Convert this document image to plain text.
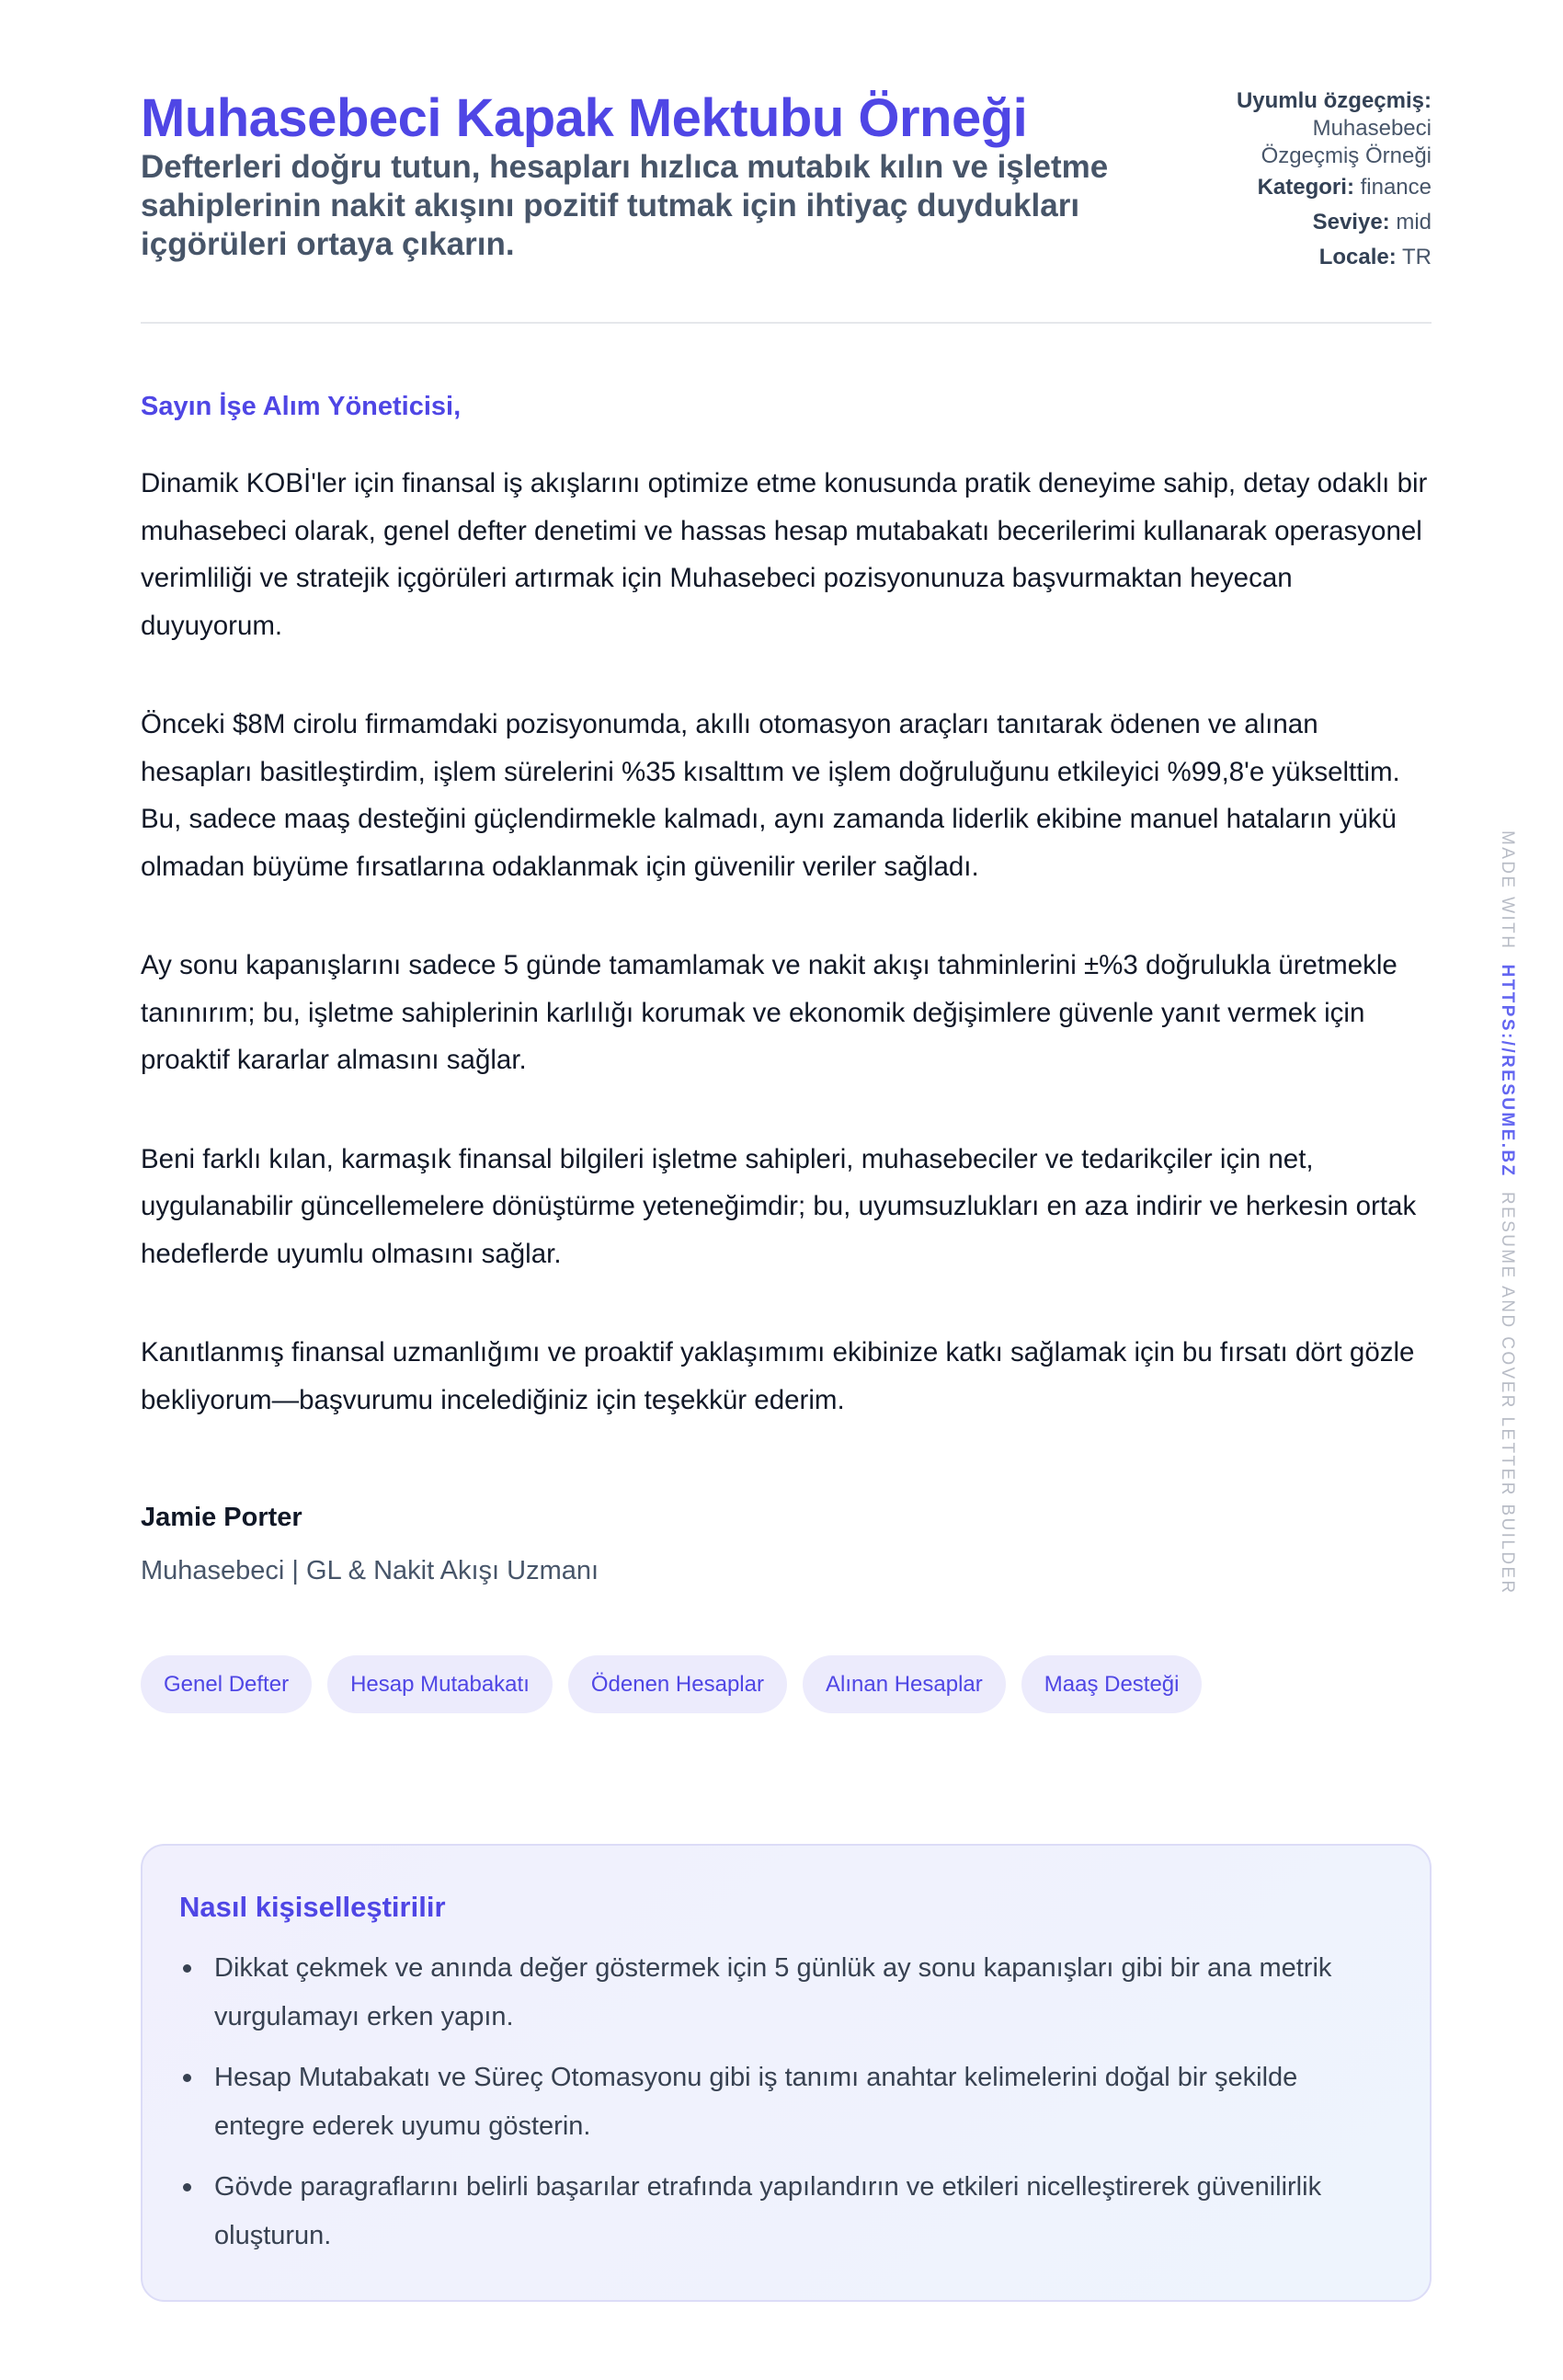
Muhasebeci Kapak Mektubu Örneği

Defterleri doğru tutun, hesapları hızlıca mutabık kılın ve işletme sahiplerinin nakit akışını pozitif tutmak için ihtiyaç duydukları içgörüleri ortaya çıkarın.

Uyumlu özgeçmiş:
Muhasebeci
Özgeçmiş Örneği
Kategori: finance
Seviye: mid
Locale: TR

Sayın İşe Alım Yöneticisi,

Dinamik KOBİ'ler için finansal iş akışlarını optimize etme konusunda pratik deneyime sahip, detay odaklı bir muhasebeci olarak, genel defter denetimi ve hassas hesap mutabakatı becerilerimi kullanarak operasyonel verimliliği ve stratejik içgörüleri artırmak için Muhasebeci pozisyonunuza başvurmaktan heyecan duyuyorum.

Önceki $8M cirolu firmamdaki pozisyonumda, akıllı otomasyon araçları tanıtarak ödenen ve alınan hesapları basitleştirdim, işlem sürelerini %35 kısalttım ve işlem doğruluğunu etkileyici %99,8'e yükselttim. Bu, sadece maaş desteğini güçlendirmekle kalmadı, aynı zamanda liderlik ekibine manuel hataların yükü olmadan büyüme fırsatlarına odaklanmak için güvenilir veriler sağladı.

Ay sonu kapanışlarını sadece 5 günde tamamlamak ve nakit akışı tahminlerini ±%3 doğrulukla üretmekle tanınırım; bu, işletme sahiplerinin karlılığı korumak ve ekonomik değişimlere güvenle yanıt vermek için proaktif kararlar almasını sağlar.

Beni farklı kılan, karmaşık finansal bilgileri işletme sahipleri, muhasebeciler ve tedarikçiler için net, uygulanabilir güncellemelere dönüştürme yeteneğimdir; bu, uyumsuzlukları en aza indirir ve herkesin ortak hedeflerde uyumlu olmasını sağlar.

Kanıtlanmış finansal uzmanlığımı ve proaktif yaklaşımımı ekibinize katkı sağlamak için bu fırsatı dört gözle bekliyorum—başvurumu incelediğiniz için teşekkür ederim.

Jamie Porter

Muhasebeci | GL & Nakit Akışı Uzmanı

Genel Defter	Hesap Mutabakatı	Ödenen Hesaplar	Alınan Hesaplar	Maaş Desteği
Nasıl kişiselleştirilir
Dikkat çekmek ve anında değer göstermek için 5 günlük ay sonu kapanışları gibi bir ana metrik vurgulamayı erken yapın.
Hesap Mutabakatı ve Süreç Otomasyonu gibi iş tanımı anahtar kelimelerini doğal bir şekilde entegre ederek uyumu gösterin.
Gövde paragraflarını belirli başarılar etrafında yapılandırın ve etkileri nicelleştirerek güvenilirlik oluşturun.
MADE WITH  HTTPS://RESUME.BZ  RESUME AND COVER LETTER BUILDER
